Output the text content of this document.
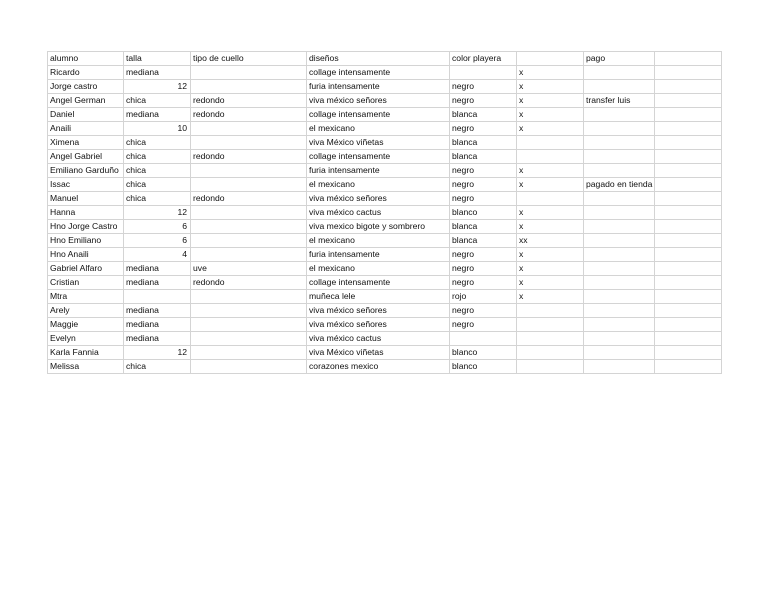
alumno	talla	tipo de cuello	diseños	color playera		pago	
Ricardo	mediana		collage intensamente		x		
Jorge castro	12		furia intensamente	negro	x		
Angel German	chica	redondo	viva méxico señores	negro	x	transfer luis	
Daniel	mediana	redondo	collage intensamente	blanca	x		
Anaili	10		el mexicano	negro	x		
Ximena	chica		viva México viñetas	blanca			
Angel Gabriel	chica	redondo	collage intensamente	blanca			
Emiliano Garduño	chica		furia intensamente	negro	x		
Issac	chica		el mexicano	negro	x	pagado en tienda	
Manuel	chica	redondo	viva méxico señores	negro			
Hanna	12		viva méxico cactus	blanco	x		
Hno Jorge Castro	6		viva mexico bigote y sombrero	blanca	x		
Hno Emiliano	6		el mexicano	blanca	xx		
Hno Anaili	4		furia intensamente	negro	x		
Gabriel Alfaro	mediana	uve	el mexicano	negro	x		
Cristian	mediana	redondo	collage intensamente	negro	x		
Mtra			muñeca lele	rojo	x		
Arely	mediana		viva méxico señores	negro			
Maggie	mediana		viva méxico señores	negro			
Evelyn	mediana		viva méxico cactus				
Karla Fannia	12		viva México viñetas	blanco			
Melissa	chica		corazones mexico	blanco			
